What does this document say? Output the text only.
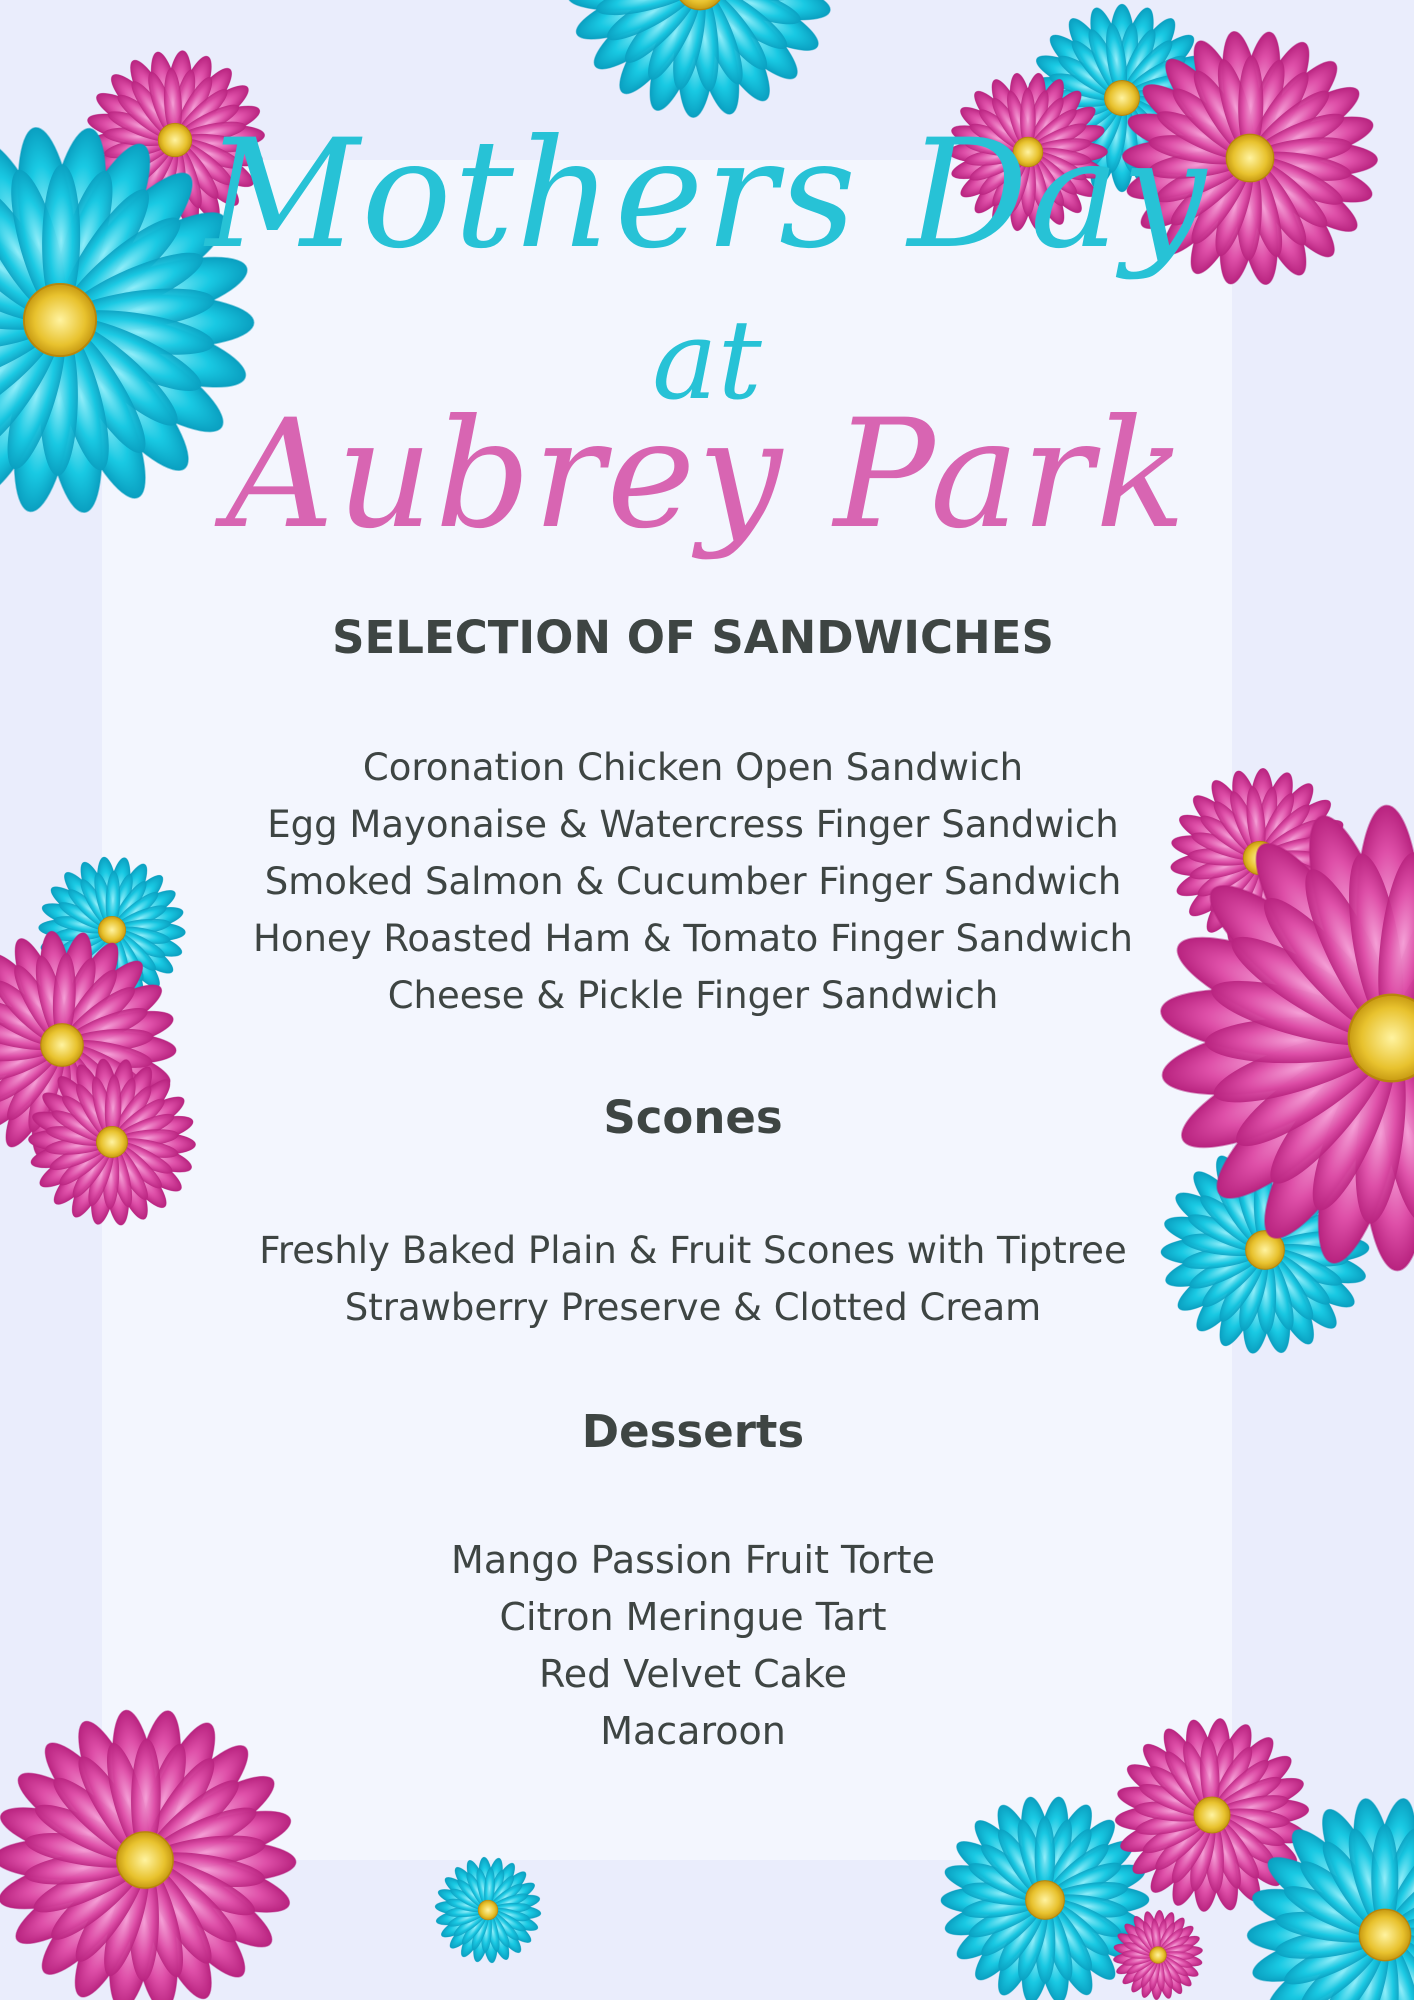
Mothers Day
at
Aubrey Park
SELECTION OF SANDWICHES
Coronation Chicken Open Sandwich
Egg Mayonaise & Watercress Finger Sandwich
Smoked Salmon & Cucumber Finger Sandwich
Honey Roasted Ham & Tomato Finger Sandwich
Cheese & Pickle Finger Sandwich
Scones
Freshly Baked Plain & Fruit Scones with Tiptree
Strawberry Preserve & Clotted Cream
Desserts
Mango Passion Fruit Torte
Citron Meringue Tart
Red Velvet Cake
Macaroon
